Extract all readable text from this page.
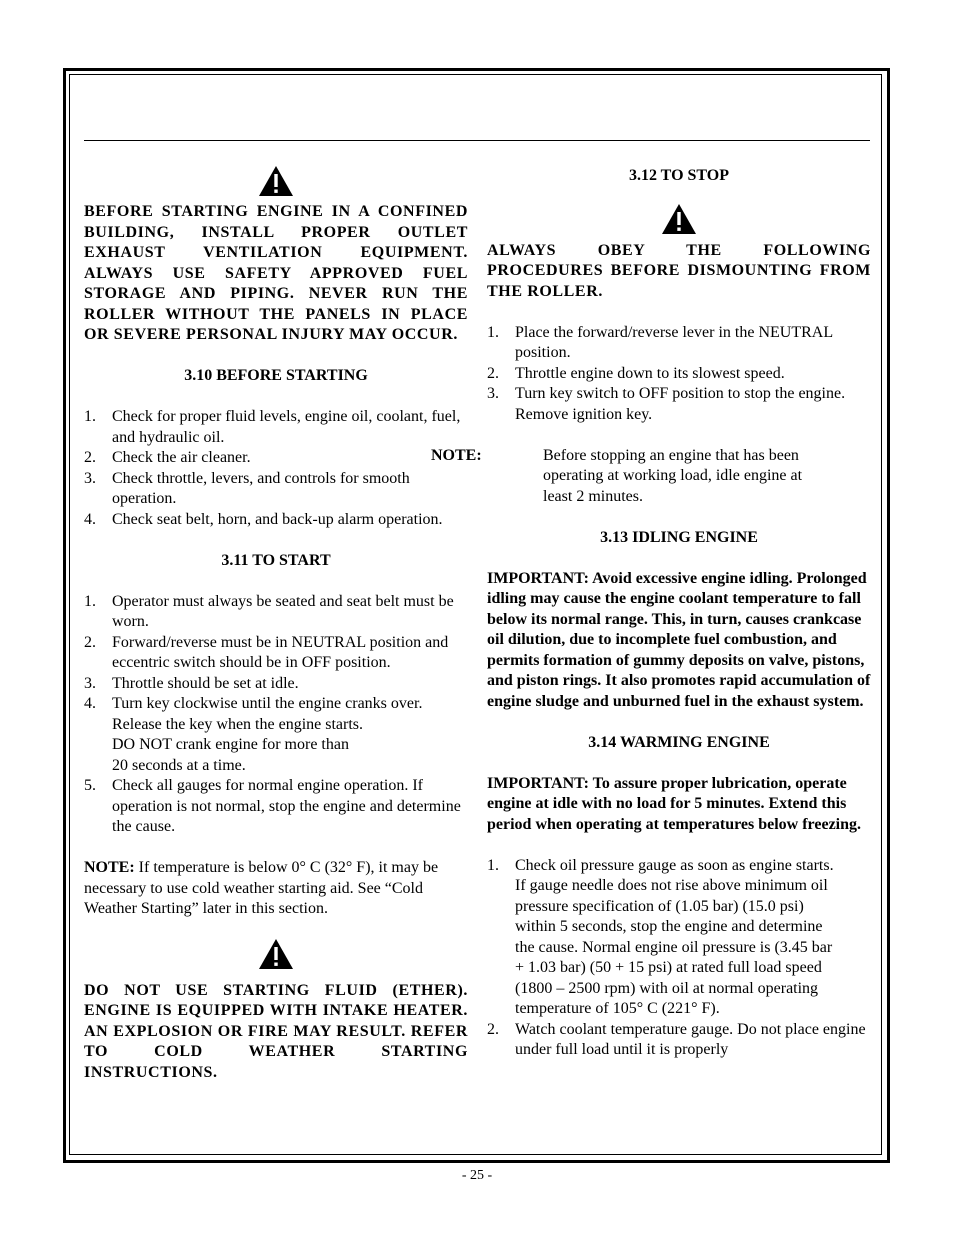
BEFORE STARTING ENGINE IN A CONFINED BUILDING, INSTALL PROPER OUTLET EXHAUST VENTILATION EQUIPMENT. ALWAYS USE SAFETY APPROVED FUEL STORAGE AND PIPING. NEVER RUN THE ROLLER WITHOUT THE PANELS IN PLACE OR SEVERE PERSONAL INJURY MAY OCCUR.

3.10 BEFORE STARTING

1. Check for proper fluid levels, engine oil, coolant, fuel, and hydraulic oil.
2. Check the air cleaner.
3. Check throttle, levers, and controls for smooth operation.
4. Check seat belt, horn, and back-up alarm operation.

3.11 TO START

1. Operator must always be seated and seat belt must be worn.
2. Forward/reverse must be in NEUTRAL position and eccentric switch should be in OFF position.
3. Throttle should be set at idle.
4. Turn key clockwise until the engine cranks over. Release the key when the engine starts.
DO NOT crank engine for more than 20 seconds at a time.
5. Check all gauges for normal engine operation. If operation is not normal, stop the engine and determine the cause.

NOTE: If temperature is below 0° C (32° F), it may be necessary to use cold weather starting aid. See “Cold Weather Starting” later in this section.

DO NOT USE STARTING FLUID (ETHER). ENGINE IS EQUIPPED WITH INTAKE HEATER. AN EXPLOSION OR FIRE MAY RESULT. REFER TO COLD WEATHER STARTING INSTRUCTIONS.

3.12 TO STOP

ALWAYS OBEY THE FOLLOWING PROCEDURES BEFORE DISMOUNTING FROM THE ROLLER.

1. Place the forward/reverse lever in the NEUTRAL position.
2. Throttle engine down to its slowest speed.
3. Turn key switch to OFF position to stop the engine. Remove ignition key.

NOTE:	Before stopping an engine that has been operating at working load, idle engine at least 2 minutes.

3.13 IDLING ENGINE

IMPORTANT: Avoid excessive engine idling. Prolonged idling may cause the engine coolant temperature to fall below its normal range. This, in turn, causes crankcase oil dilution, due to incomplete fuel combustion, and permits formation of gummy deposits on valve, pistons, and piston rings. It also promotes rapid accumulation of engine sludge and unburned fuel in the exhaust system.

3.14 WARMING ENGINE

IMPORTANT: To assure proper lubrication, operate engine at idle with no load for 5 minutes. Extend this period when operating at temperatures below freezing.

1. Check oil pressure gauge as soon as engine starts. If gauge needle does not rise above minimum oil pressure specification of (1.05 bar) (15.0 psi) within 5 seconds, stop the engine and determine the cause. Normal engine oil pressure is (3.45 bar + 1.03 bar) (50 + 15 psi) at rated full load speed (1800 – 2500 rpm) with oil at normal operating temperature of 105° C (221° F).
2. Watch coolant temperature gauge. Do not place engine under full load until it is properly
- 25 -
